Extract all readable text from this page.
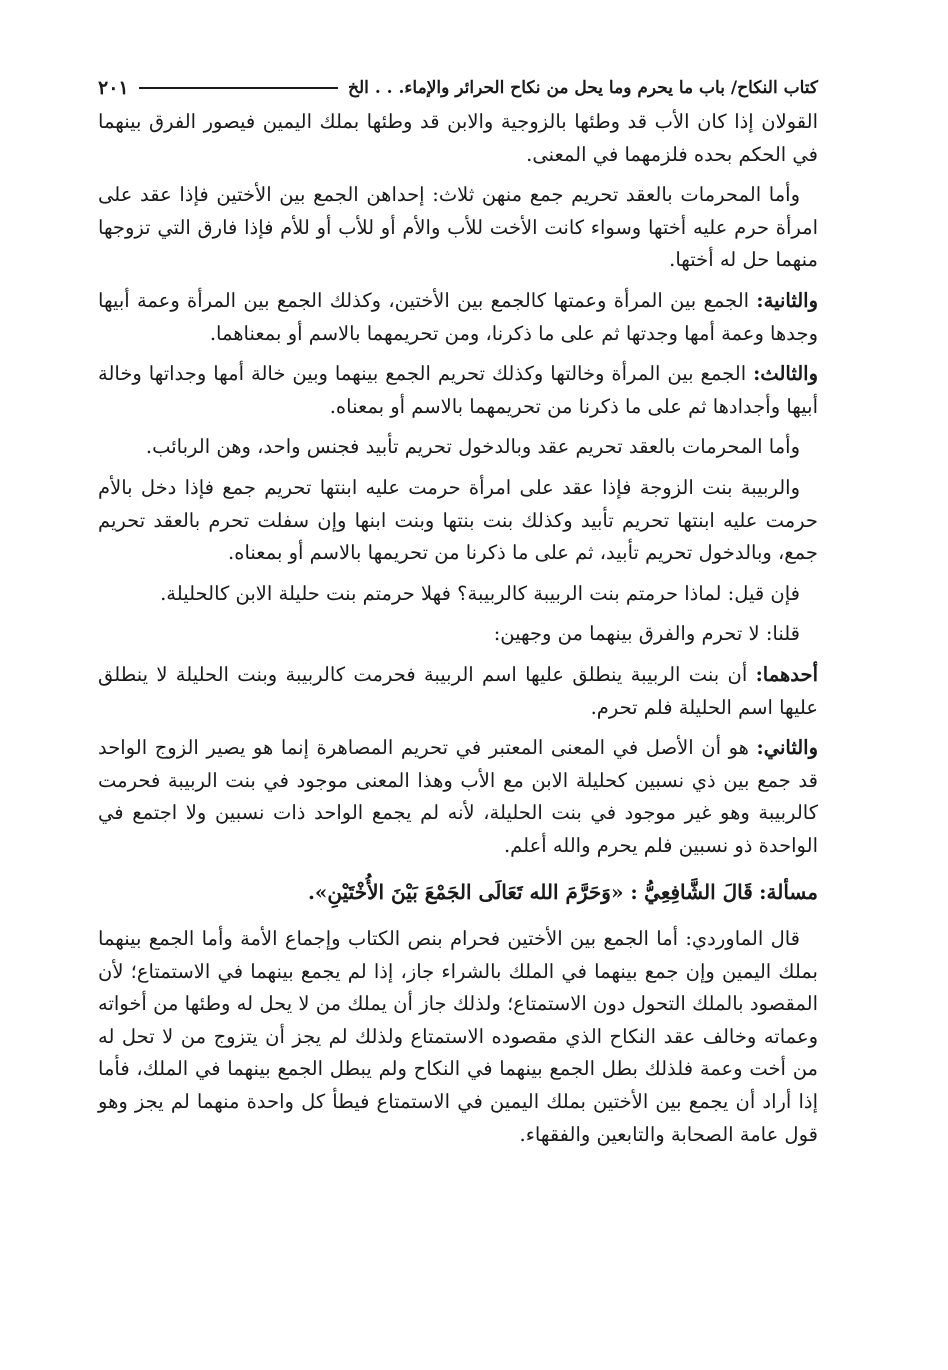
كتاب النكاح/ باب ما يحرم وما يحل من نكاح الحرائر والإماء. . . الخ
٢٠١

القولان إذا كان الأب قد وطئها بالزوجية والابن قد وطئها بملك اليمين فيصور الفرق بينهما في الحكم بحده فلزمهما في المعنى.

وأما المحرمات بالعقد تحريم جمع منهن ثلاث: إحداهن الجمع بين الأختين فإذا عقد على امرأة حرم عليه أختها وسواء كانت الأخت للأب والأم أو للأب أو للأم فإذا فارق التي تزوجها منهما حل له أختها.

والثانية: الجمع بين المرأة وعمتها كالجمع بين الأختين، وكذلك الجمع بين المرأة وعمة أبيها وجدها وعمة أمها وجدتها ثم على ما ذكرنا، ومن تحريمهما بالاسم أو بمعناهما.

والثالث: الجمع بين المرأة وخالتها وكذلك تحريم الجمع بينهما وبين خالة أمها وجداتها وخالة أبيها وأجدادها ثم على ما ذكرنا من تحريمهما بالاسم أو بمعناه.

وأما المحرمات بالعقد تحريم عقد وبالدخول تحريم تأبيد فجنس واحد، وهن الربائب.

والربيبة بنت الزوجة فإذا عقد على امرأة حرمت عليه ابنتها تحريم جمع فإذا دخل بالأم حرمت عليه ابنتها تحريم تأبيد وكذلك بنت بنتها وبنت ابنها وإن سفلت تحرم بالعقد تحريم جمع، وبالدخول تحريم تأبيد، ثم على ما ذكرنا من تحريمها بالاسم أو بمعناه.

فإن قيل: لماذا حرمتم بنت الربيبة كالربيبة؟ فهلا حرمتم بنت حليلة الابن كالحليلة.

قلنا: لا تحرم والفرق بينهما من وجهين:

أحدهما: أن بنت الربيبة ينطلق عليها اسم الربيبة فحرمت كالربيبة وبنت الحليلة لا ينطلق عليها اسم الحليلة فلم تحرم.

والثاني: هو أن الأصل في المعنى المعتبر في تحريم المصاهرة إنما هو يصير الزوج الواحد قد جمع بين ذي نسبين كحليلة الابن مع الأب وهذا المعنى موجود في بنت الربيبة فحرمت كالربيبة وهو غير موجود في بنت الحليلة، لأنه لم يجمع الواحد ذات نسبين ولا اجتمع في الواحدة ذو نسبين فلم يحرم والله أعلم.

مسألة: قَالَ الشَّافِعِيُّ : «وَحَرَّمَ الله تَعَالَى الجَمْعَ بَيْنَ الأُخْتَيْنِ».

قال الماوردي: أما الجمع بين الأختين فحرام بنص الكتاب وإجماع الأمة وأما الجمع بينهما بملك اليمين وإن جمع بينهما في الملك بالشراء جاز، إذا لم يجمع بينهما في الاستمتاع؛ لأن المقصود بالملك التحول دون الاستمتاع؛ ولذلك جاز أن يملك من لا يحل له وطئها من أخواته وعماته وخالف عقد النكاح الذي مقصوده الاستمتاع ولذلك لم يجز أن يتزوج من لا تحل له من أخت وعمة فلذلك بطل الجمع بينهما في النكاح ولم يبطل الجمع بينهما في الملك، فأما إذا أراد أن يجمع بين الأختين بملك اليمين في الاستمتاع فيطأ كل واحدة منهما لم يجز وهو قول عامة الصحابة والتابعين والفقهاء.
